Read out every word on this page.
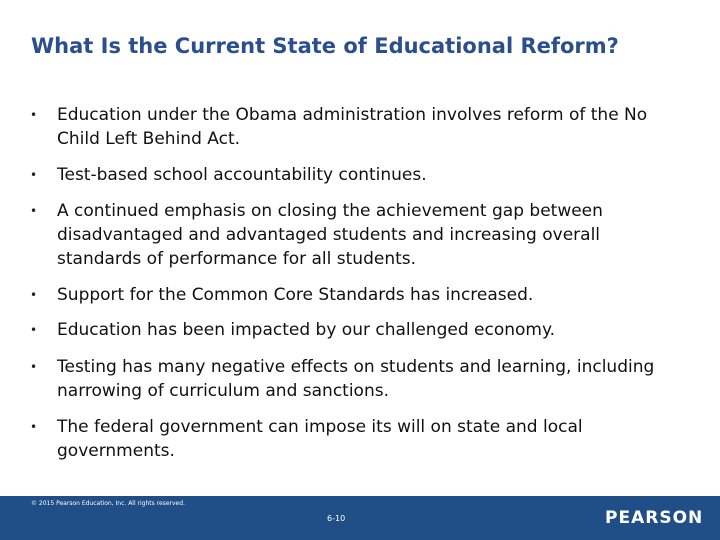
What Is the Current State of Educational Reform?
•	Education under the Obama administration involves reform of the No Child Left Behind Act.
•	Test-based school accountability continues.
•	A continued emphasis on closing the achievement gap between disadvantaged and advantaged students and increasing overall standards of performance for all students.
•	Support for the Common Core Standards has increased.
•	Education has been impacted by our challenged economy.
•	Testing has many negative effects on students and learning, including narrowing of curriculum and sanctions.
•	The federal government can impose its will on state and local governments.
The Call to Teach: An Introduction to Teaching, Lynch
© 2015 Pearson Education, Inc. All rights reserved.
6-10	PEARSON
